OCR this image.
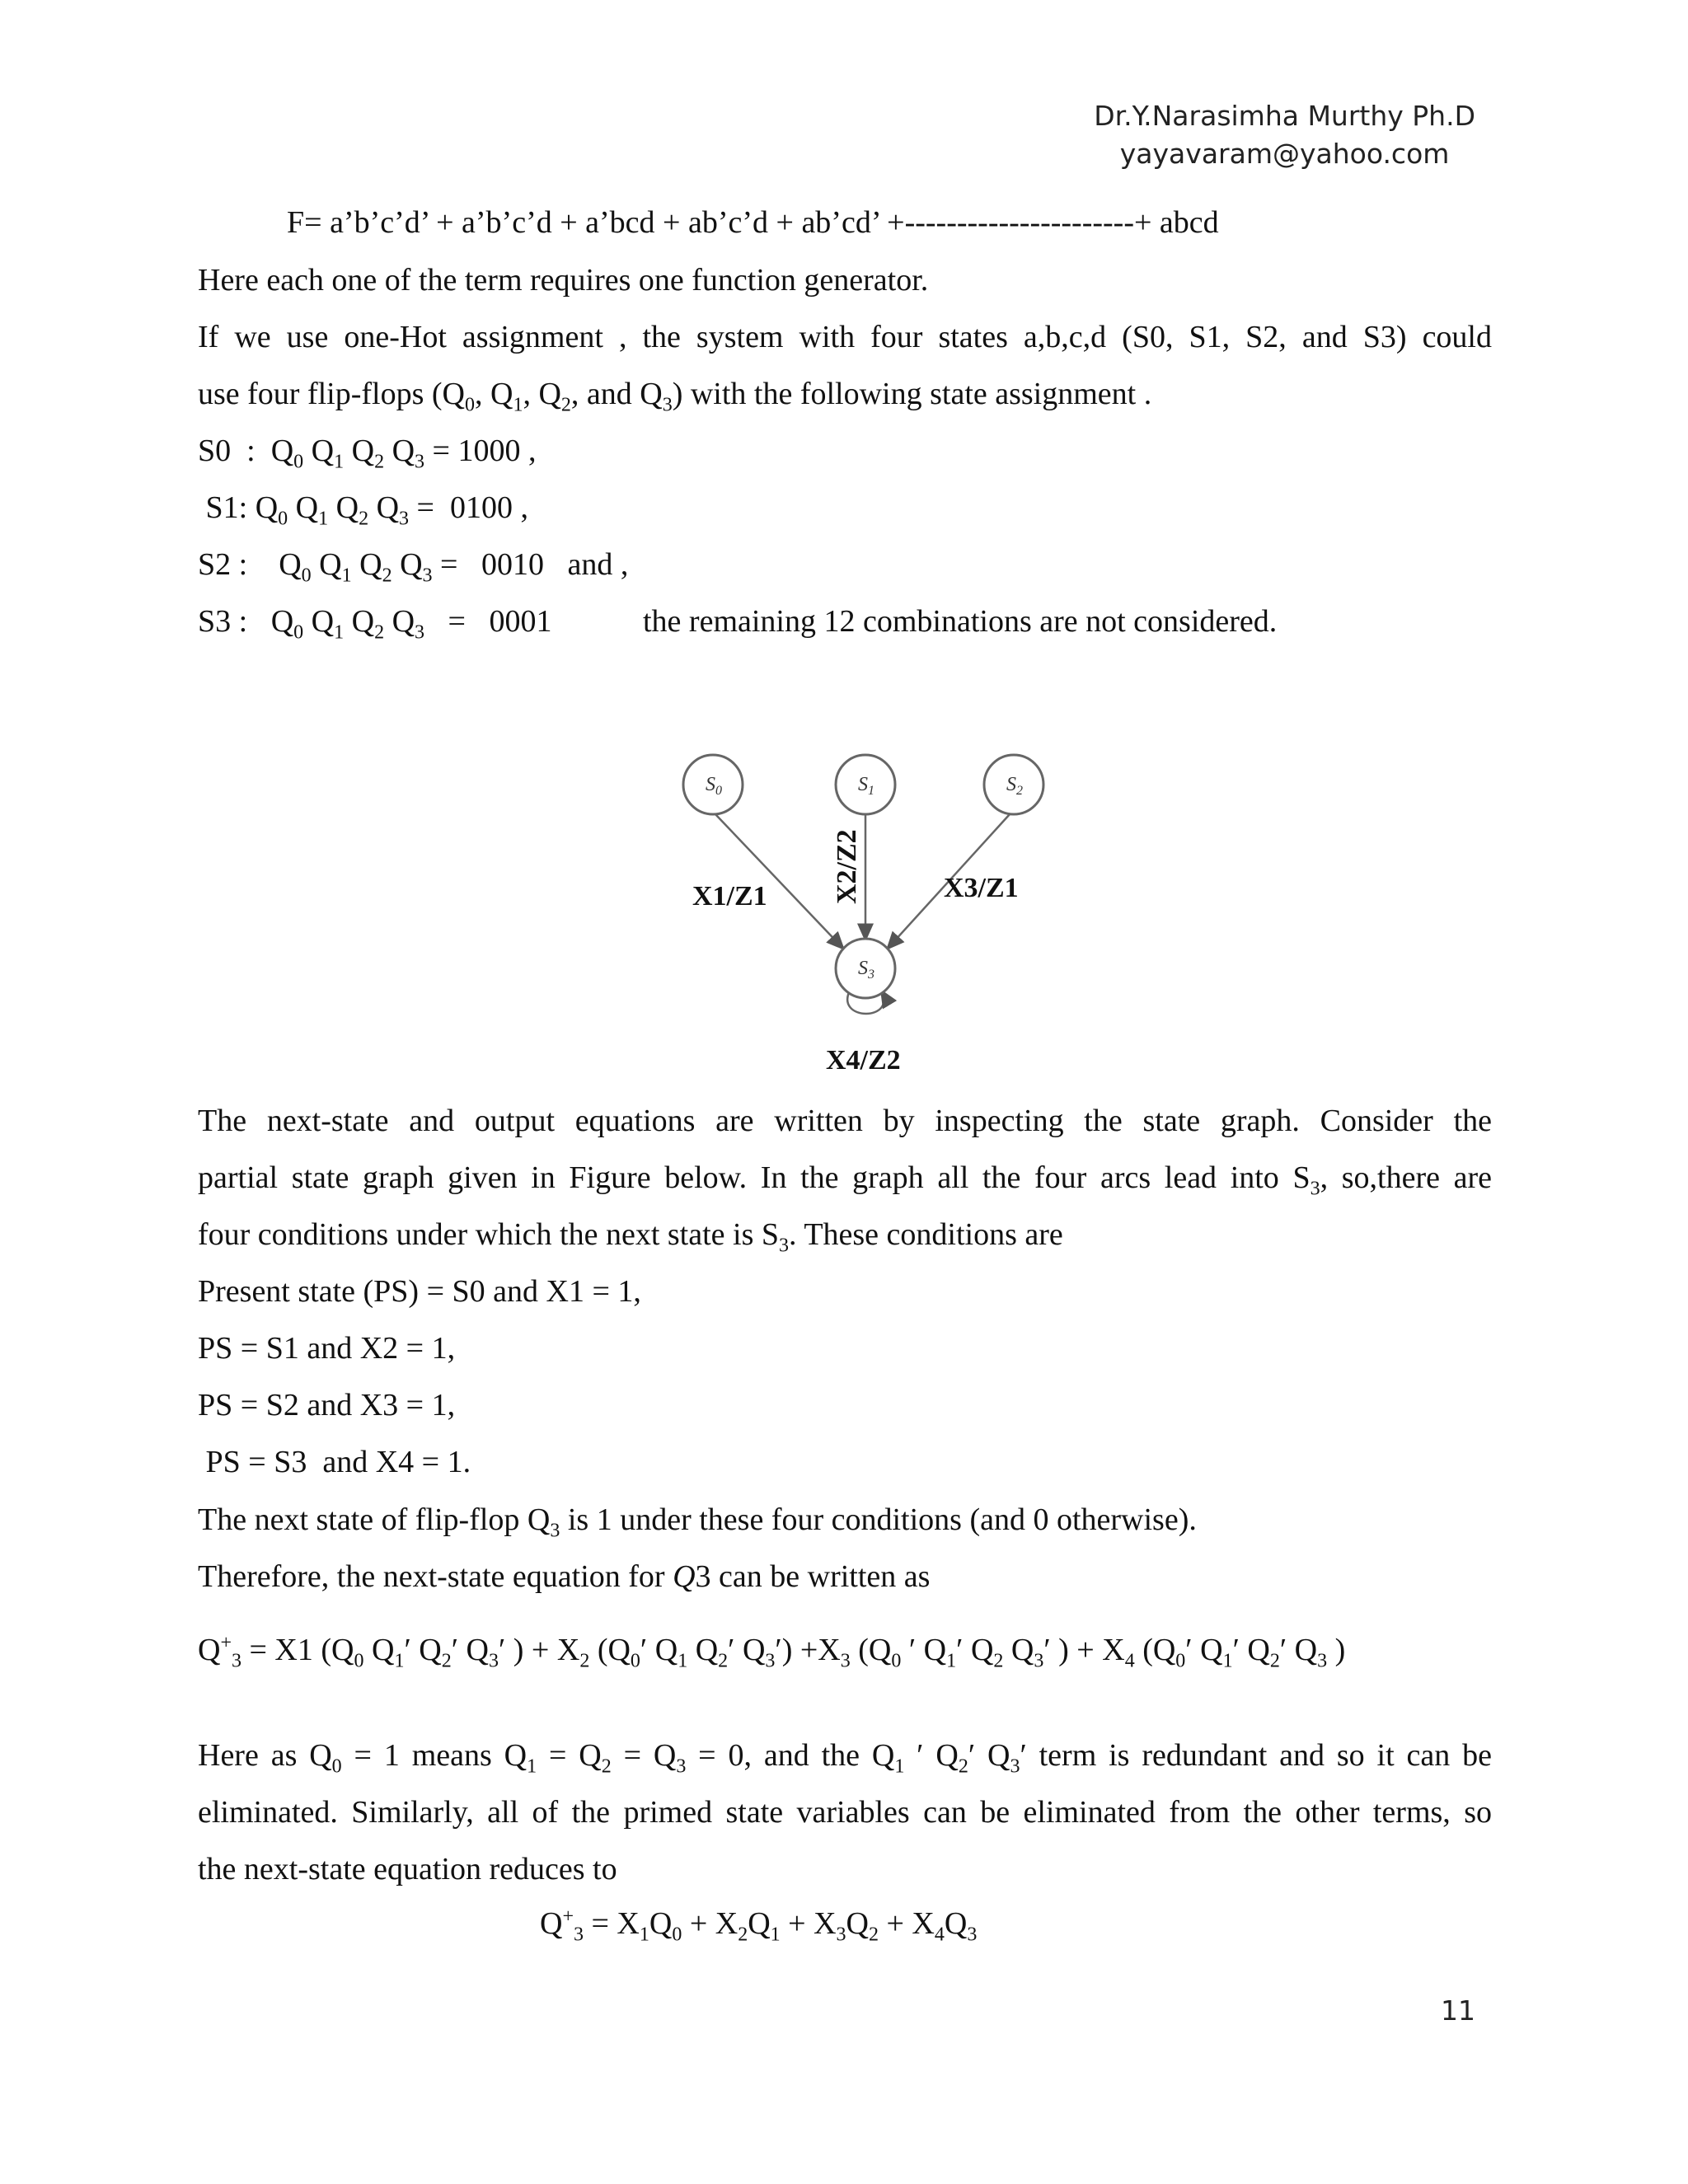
Dr.Y.Narasimha Murthy Ph.D
yayavaram@yahoo.com
F= a’b’c’d’ + a’b’c’d + a’bcd + ab’c’d + ab’cd’ +----------------------+ abcd
Here each one of the term requires one function generator.
If we use one-Hot assignment , the system with four states a,b,c,d (S0, S1, S2, and S3) could
use four flip-flops ($Q_0$, $Q_1$, $Q_2$, and $Q_3$) with the following state assignment .
S0  :  $Q_0$ $Q_1$ $Q_2$ $Q_3 = 1000$ ,
S1: $Q_0$ $Q_1$ $Q_2$ $Q_3 = 0100$ ,
S2 :    $Q_0$ $Q_1$ $Q_2$ $Q_3 = 0010$   and ,
S3 :   $Q_0$ $Q_1$ $Q_2$ $Q_3 = 0001$	the remaining 12 combinations are not considered.
$S_0$	$S_1$	$S_2$
$S_3$
X1/Z1 X2/Z2	X3/Z1
X4/Z2
The next-state and output equations are written by inspecting the state graph. Consider the
partial state graph given in Figure below. In the graph all the four arcs lead into $S_3$, so,there are
four conditions under which the next state is $S_3$. These conditions are
Present state (PS) = S0 and X1 = 1,
PS = S1 and X2 = 1,
PS = S2 and X3 = 1,
PS = S3  and X4 = 1.
The next state of flip-flop $Q_3$ is 1 under these four conditions (and 0 otherwise).
Therefore, the next-state equation for Q3 can be written as
$Q^+_3 = X1$ ($Q_0$ $Q_1'$ $Q_2'$ $Q_3'$ ) + $X_2$ ($Q_0'$ $Q_1$ $Q_2'$ $Q_3') +X_3$ ($Q_0$ ′ $Q_1'$ $Q_2$ $Q_3'$ ) + $X_4$ ($Q_0'$ $Q_1'$ $Q_2'$ $Q_3$ )
Here as $Q_0 = 1$ means $Q_1 = Q_2 = Q_3 = 0$, and the $Q_1$ ′ $Q_2'$ $Q_3'$ term is redundant and so it can be
eliminated. Similarly, all of the primed state variables can be eliminated from the other terms, so
the next-state equation reduces to
$Q^+_3 = X_1Q_0 + X_2Q_1 + X_3Q_2 + X_4Q_3$
11
